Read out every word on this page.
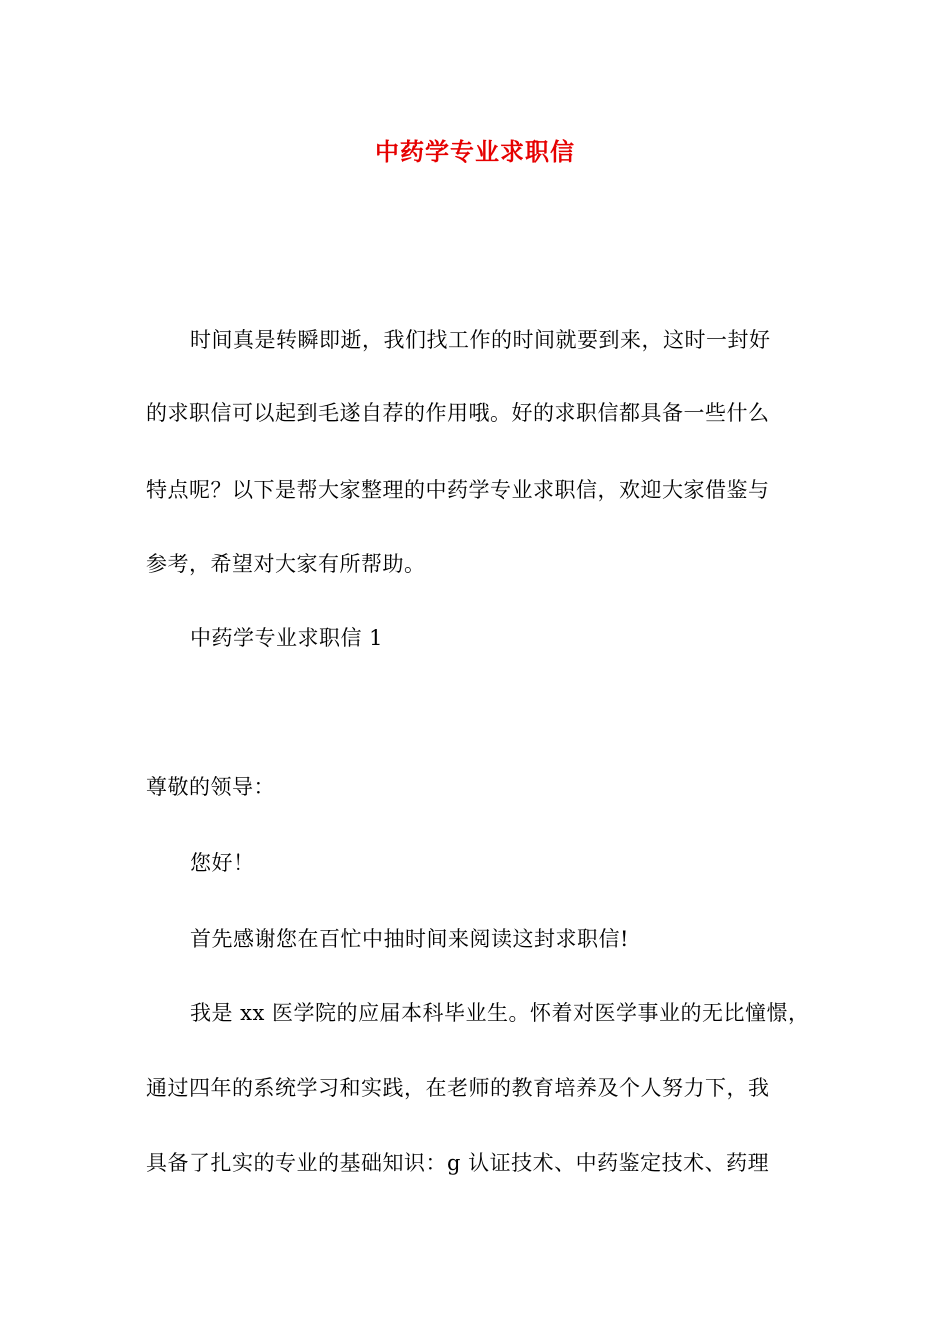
中药学专业求职信
时间真是转瞬即逝，我们找工作的时间就要到来，这时一封好
的求职信可以起到毛遂自荐的作用哦。好的求职信都具备一些什么
特点呢？以下是帮大家整理的中药学专业求职信，欢迎大家借鉴与
参考，希望对大家有所帮助。
中药学专业求职信 1
尊敬的领导：
您好！
首先感谢您在百忙中抽时间来阅读这封求职信!
我是 xx 医学院的应届本科毕业生。怀着对医学事业的无比憧憬，
通过四年的系统学习和实践，在老师的教育培养及个人努力下，我
具备了扎实的专业的基础知识：g 认证技术、中药鉴定技术、药理
